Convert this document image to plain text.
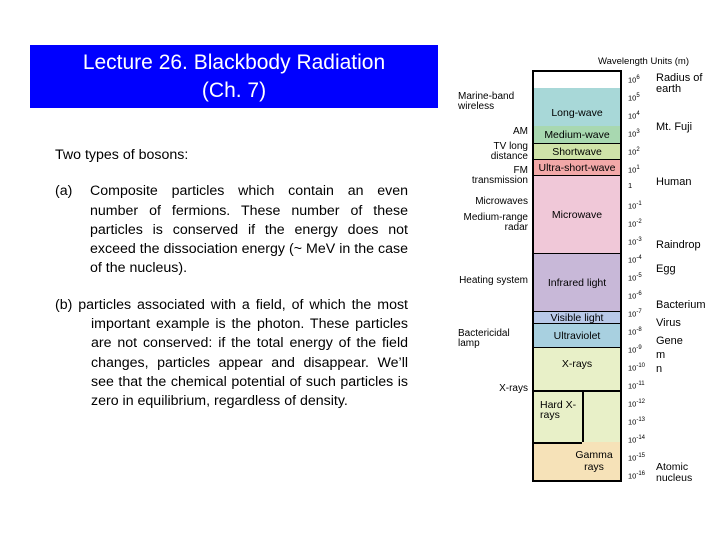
Lecture 26. Blackbody Radiation
(Ch. 7)

Two types of bosons:

(a)	Composite particles which contain an even number of fermions. These number of these particles is conserved if the energy does not exceed the dissociation energy (~ MeV in the case of the nucleus).
(b) particles associated with a field, of which the most important example is the photon. These particles are not conserved: if the total energy of the field changes, particles appear and disappear. We’ll see that the chemical potential of such particles is zero in equilibrium, regardless of density.
Wavelength Units (m)
Long-wave
Medium-wave
Shortwave
Ultra-short-wave
Microwave
Infrared light
Visible light
Ultraviolet
X-rays
Gamma rays
Hard X-rays
$10^6$
$10^5$
$10^4$
$10^3$
$10^2$
$10^1$
1
$10^{-1}$
$10^{-2}$
$10^{-3}$
$10^{-4}$
$10^{-5}$
$10^{-6}$
$10^{-7}$
$10^{-8}$
$10^{-9}$
$10^{-10}$
$10^{-11}$
$10^{-12}$
$10^{-13}$
$10^{-14}$
$10^{-15}$
$10^{-16}$
Marine-band wireless
AM
TV long distance
FM transmission
Microwaves
Medium-range radar
Heating system
Bactericidal lamp
X-rays
Radius of earth
Mt. Fuji
Human
Raindrop
Egg
Bacterium
Virus
Gene
m
n
Atomic nucleus
